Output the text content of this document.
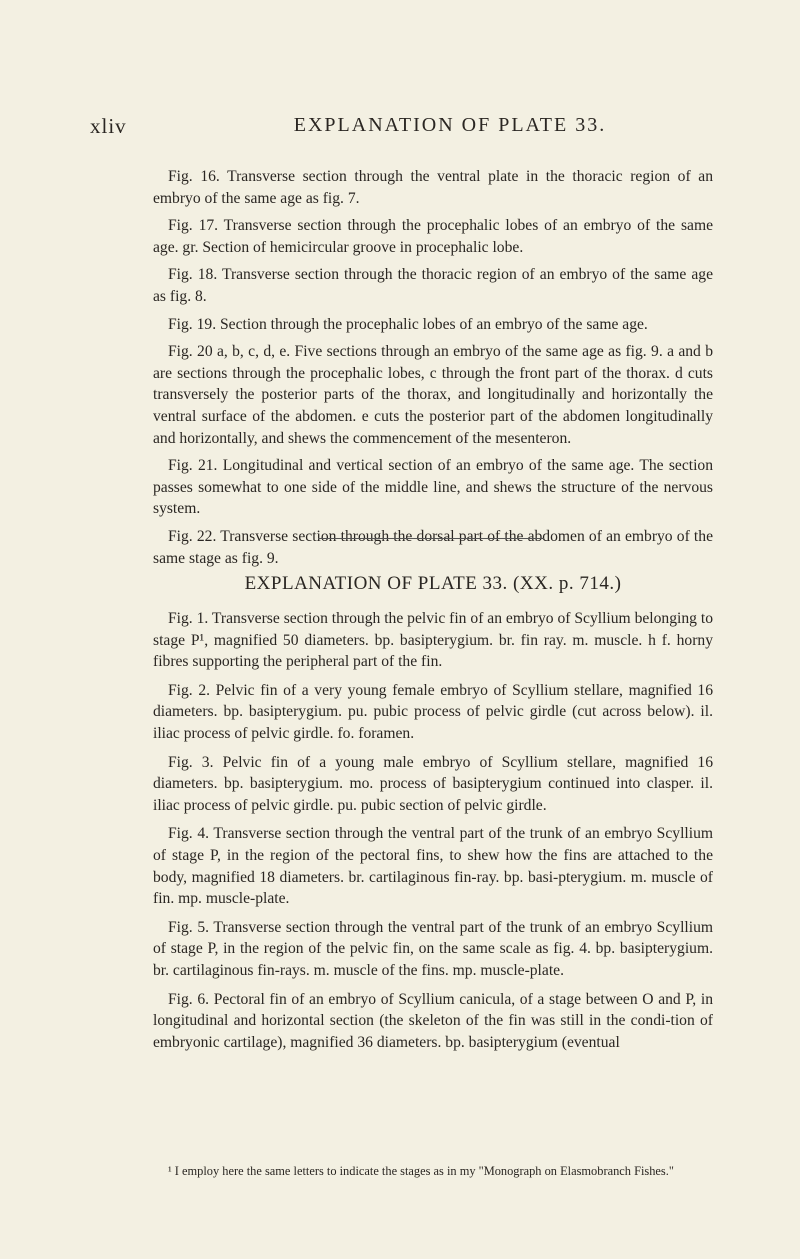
xliv	EXPLANATION OF PLATE 33.

Fig. 16. Transverse section through the ventral plate in the thoracic region of an embryo of the same age as fig. 7.

Fig. 17. Transverse section through the procephalic lobes of an embryo of the same age. gr. Section of hemicircular groove in procephalic lobe.

Fig. 18. Transverse section through the thoracic region of an embryo of the same age as fig. 8.

Fig. 19. Section through the procephalic lobes of an embryo of the same age.

Fig. 20 a, b, c, d, e. Five sections through an embryo of the same age as fig. 9. a and b are sections through the procephalic lobes, c through the front part of the thorax. d cuts transversely the posterior parts of the thorax, and longitudinally and horizontally the ventral surface of the abdomen. e cuts the posterior part of the abdomen longitudinally and horizontally, and shews the commencement of the mesenteron.

Fig. 21. Longitudinal and vertical section of an embryo of the same age. The section passes somewhat to one side of the middle line, and shews the structure of the nervous system.

Fig. 22. Transverse section through the dorsal part of the abdomen of an embryo of the same stage as fig. 9.

EXPLANATION OF PLATE 33. (XX. p. 714.)

Fig. 1. Transverse section through the pelvic fin of an embryo of Scyllium belonging to stage P¹, magnified 50 diameters. bp. basipterygium. br. fin ray. m. muscle. h f. horny fibres supporting the peripheral part of the fin.

Fig. 2. Pelvic fin of a very young female embryo of Scyllium stellare, magnified 16 diameters. bp. basipterygium. pu. pubic process of pelvic girdle (cut across below). il. iliac process of pelvic girdle. fo. foramen.

Fig. 3. Pelvic fin of a young male embryo of Scyllium stellare, magnified 16 diameters. bp. basipterygium. mo. process of basipterygium continued into clasper. il. iliac process of pelvic girdle. pu. pubic section of pelvic girdle.

Fig. 4. Transverse section through the ventral part of the trunk of an embryo Scyllium of stage P, in the region of the pectoral fins, to shew how the fins are attached to the body, magnified 18 diameters. br. cartilaginous fin-ray. bp. basi-pterygium. m. muscle of fin. mp. muscle-plate.

Fig. 5. Transverse section through the ventral part of the trunk of an embryo Scyllium of stage P, in the region of the pelvic fin, on the same scale as fig. 4. bp. basipterygium. br. cartilaginous fin-rays. m. muscle of the fins. mp. muscle-plate.

Fig. 6. Pectoral fin of an embryo of Scyllium canicula, of a stage between O and P, in longitudinal and horizontal section (the skeleton of the fin was still in the condi-tion of embryonic cartilage), magnified 36 diameters. bp. basipterygium (eventual

¹ I employ here the same letters to indicate the stages as in my "Monograph on Elasmobranch Fishes."
